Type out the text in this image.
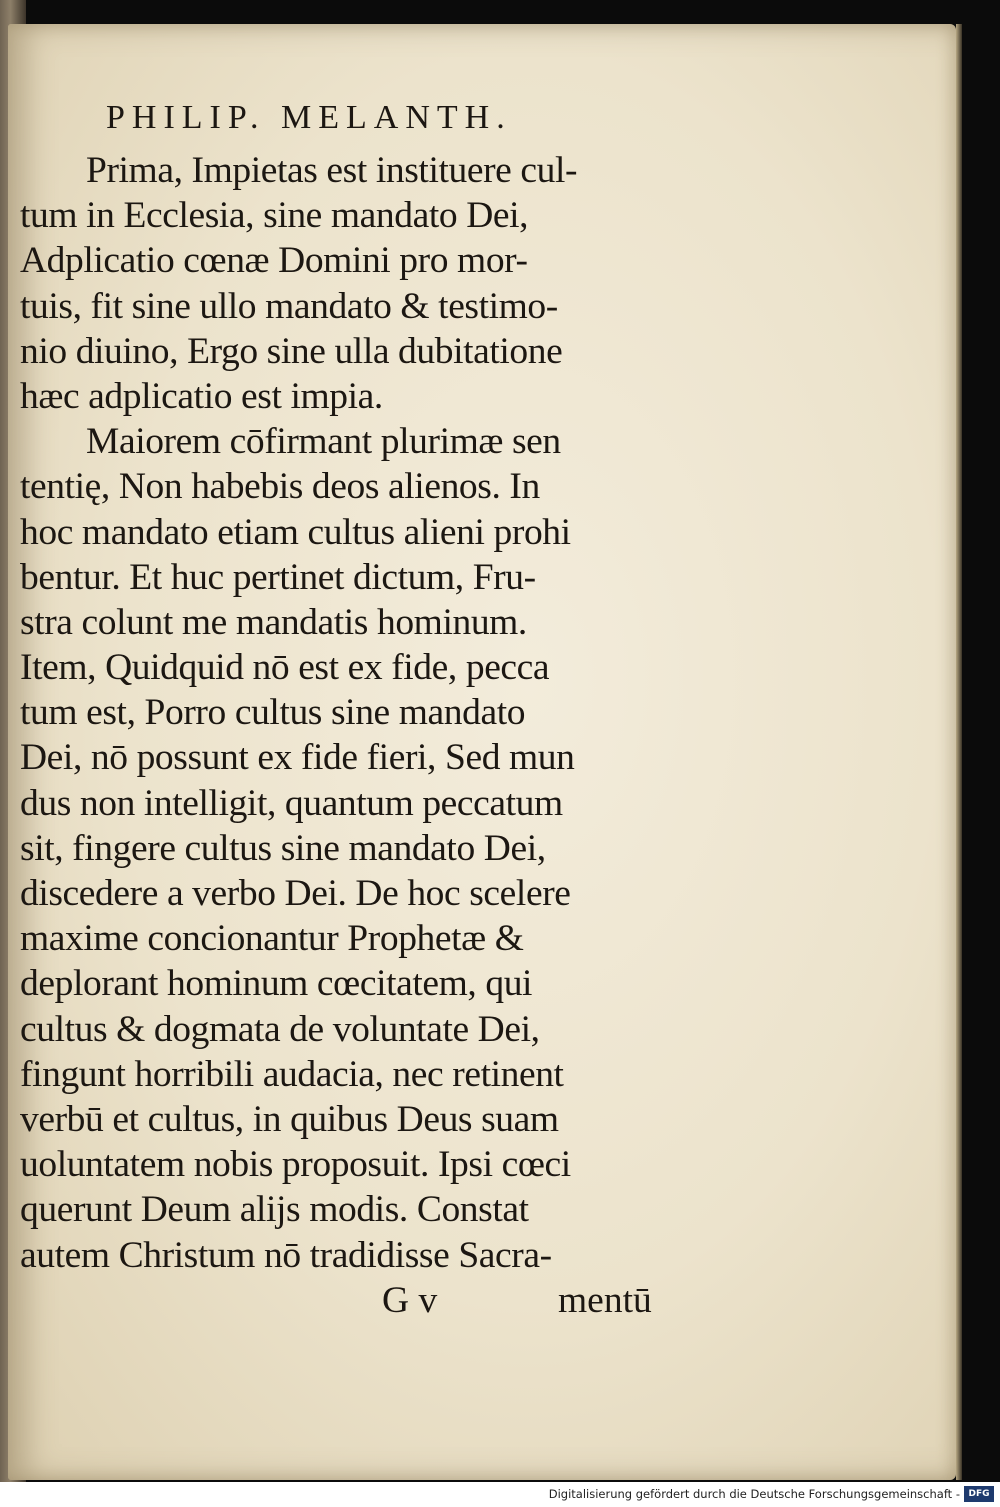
PHILIP. MELANTH.
Prima, Impietas est instituere cul-
tum in Ecclesia, sine mandato Dei,
Adplicatio cœnæ Domini pro mor-
tuis, fit sine ullo mandato & testimo-
nio diuino, Ergo sine ulla dubitatione
hæc adplicatio est impia.
Maiorem cōfirmant plurimæ sen
tentię, Non habebis deos alienos. In
hoc mandato etiam cultus alieni prohi
bentur. Et huc pertinet dictum, Fru-
stra colunt me mandatis hominum.
Item, Quidquid nō est ex fide, pecca
tum est, Porro cultus sine mandato
Dei, nō possunt ex fide fieri, Sed mun
dus non intelligit, quantum peccatum
sit, fingere cultus sine mandato Dei,
discedere a verbo Dei. De hoc scelere
maxime concionantur Prophetæ &
deplorant hominum cœcitatem, qui
cultus & dogmata de voluntate Dei,
fingunt horribili audacia, nec retinent
verbū et cultus, in quibus Deus suam
uoluntatem nobis proposuit. Ipsi cœci
querunt Deum alijs modis. Constat
autem Christum nō tradidisse Sacra-
G v	mentū
Digitalisierung gefördert durch die Deutsche Forschungsgemeinschaft - DFG
